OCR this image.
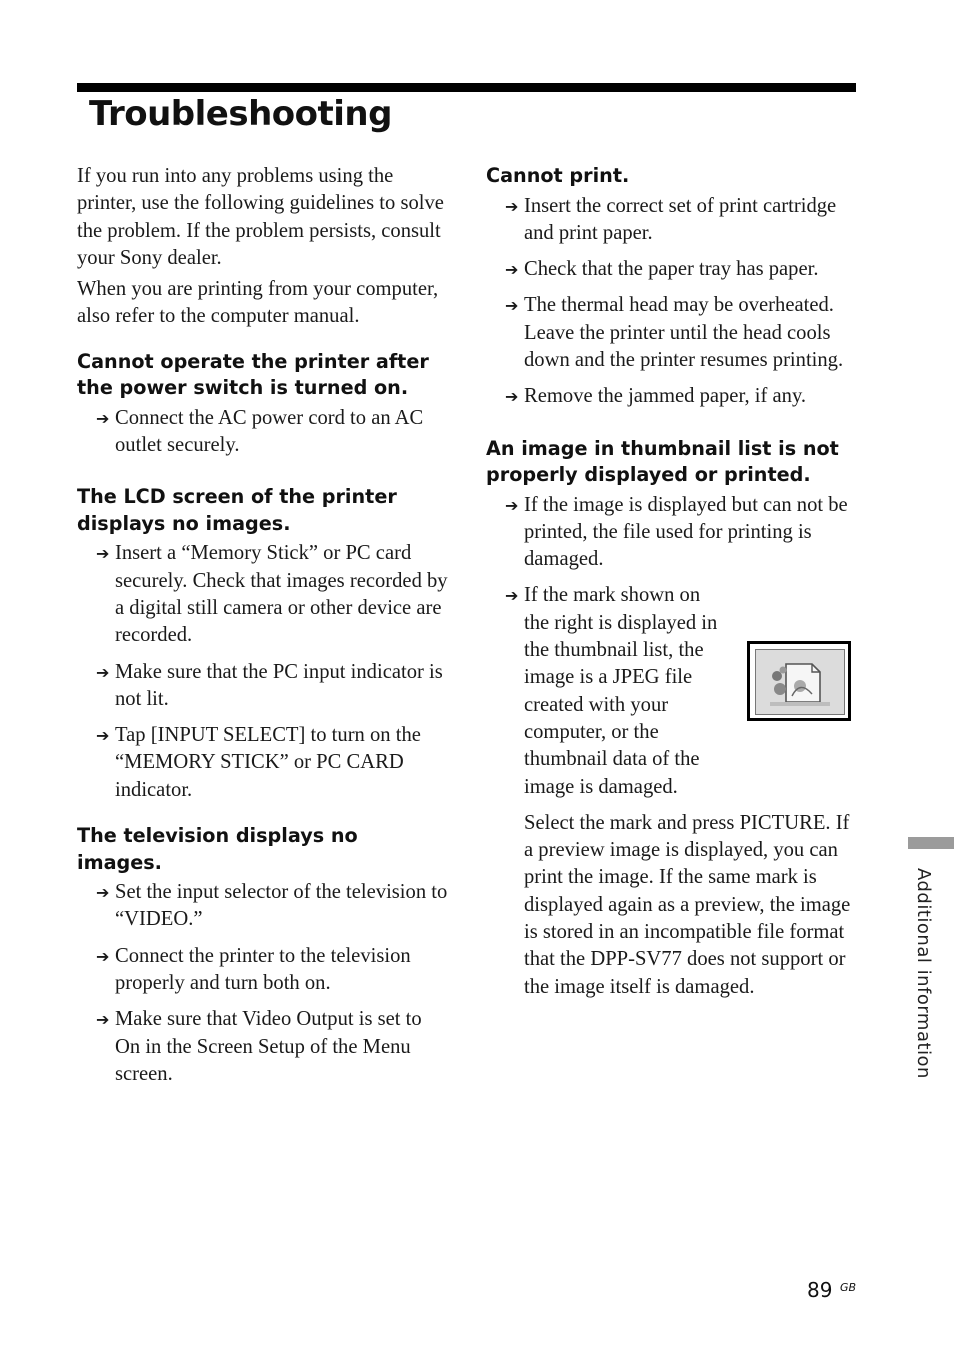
Troubleshooting

If you run into any problems using the printer, use the following guidelines to solve the problem. If the problem persists, consult your Sony dealer.

When you are printing from your computer, also refer to the computer manual.

Cannot operate the printer after the power switch is turned on.
➔ Connect the AC power cord to an AC outlet securely.
The LCD screen of the printer displays no images.
➔ Insert a “Memory Stick” or PC card securely. Check that images recorded by a digital still camera or other device are recorded.
➔ Make sure that the PC input indicator is not lit.
➔ Tap [INPUT SELECT] to turn on the “MEMORY STICK” or PC CARD indicator.
The television displays no images.
➔ Set the input selector of the television to “VIDEO.”
➔ Connect the printer to the television properly and turn both on.
➔ Make sure that Video Output is set to On in the Screen Setup of the Menu screen.
Cannot print.
➔ Insert the correct set of print cartridge and print paper.
➔ Check that the paper tray has paper.
➔ The thermal head may be overheated. Leave the printer until the head cools down and the printer resumes printing.
➔ Remove the jammed paper, if any.
An image in thumbnail list is not properly displayed or printed.
➔ If the image is displayed but can not be printed, the file used for printing is damaged.
➔ If the mark shown on the right is displayed in the thumbnail list, the image is a JPEG file created with your computer, or the thumbnail data of the image is damaged.

Select the mark and press PICTURE. If a preview image is displayed, you can print the image. If the same mark is displayed again as a preview, the image is stored in an incompatible file format that the DPP-SV77 does not support or the image itself is damaged.	Additional information
89 GB
